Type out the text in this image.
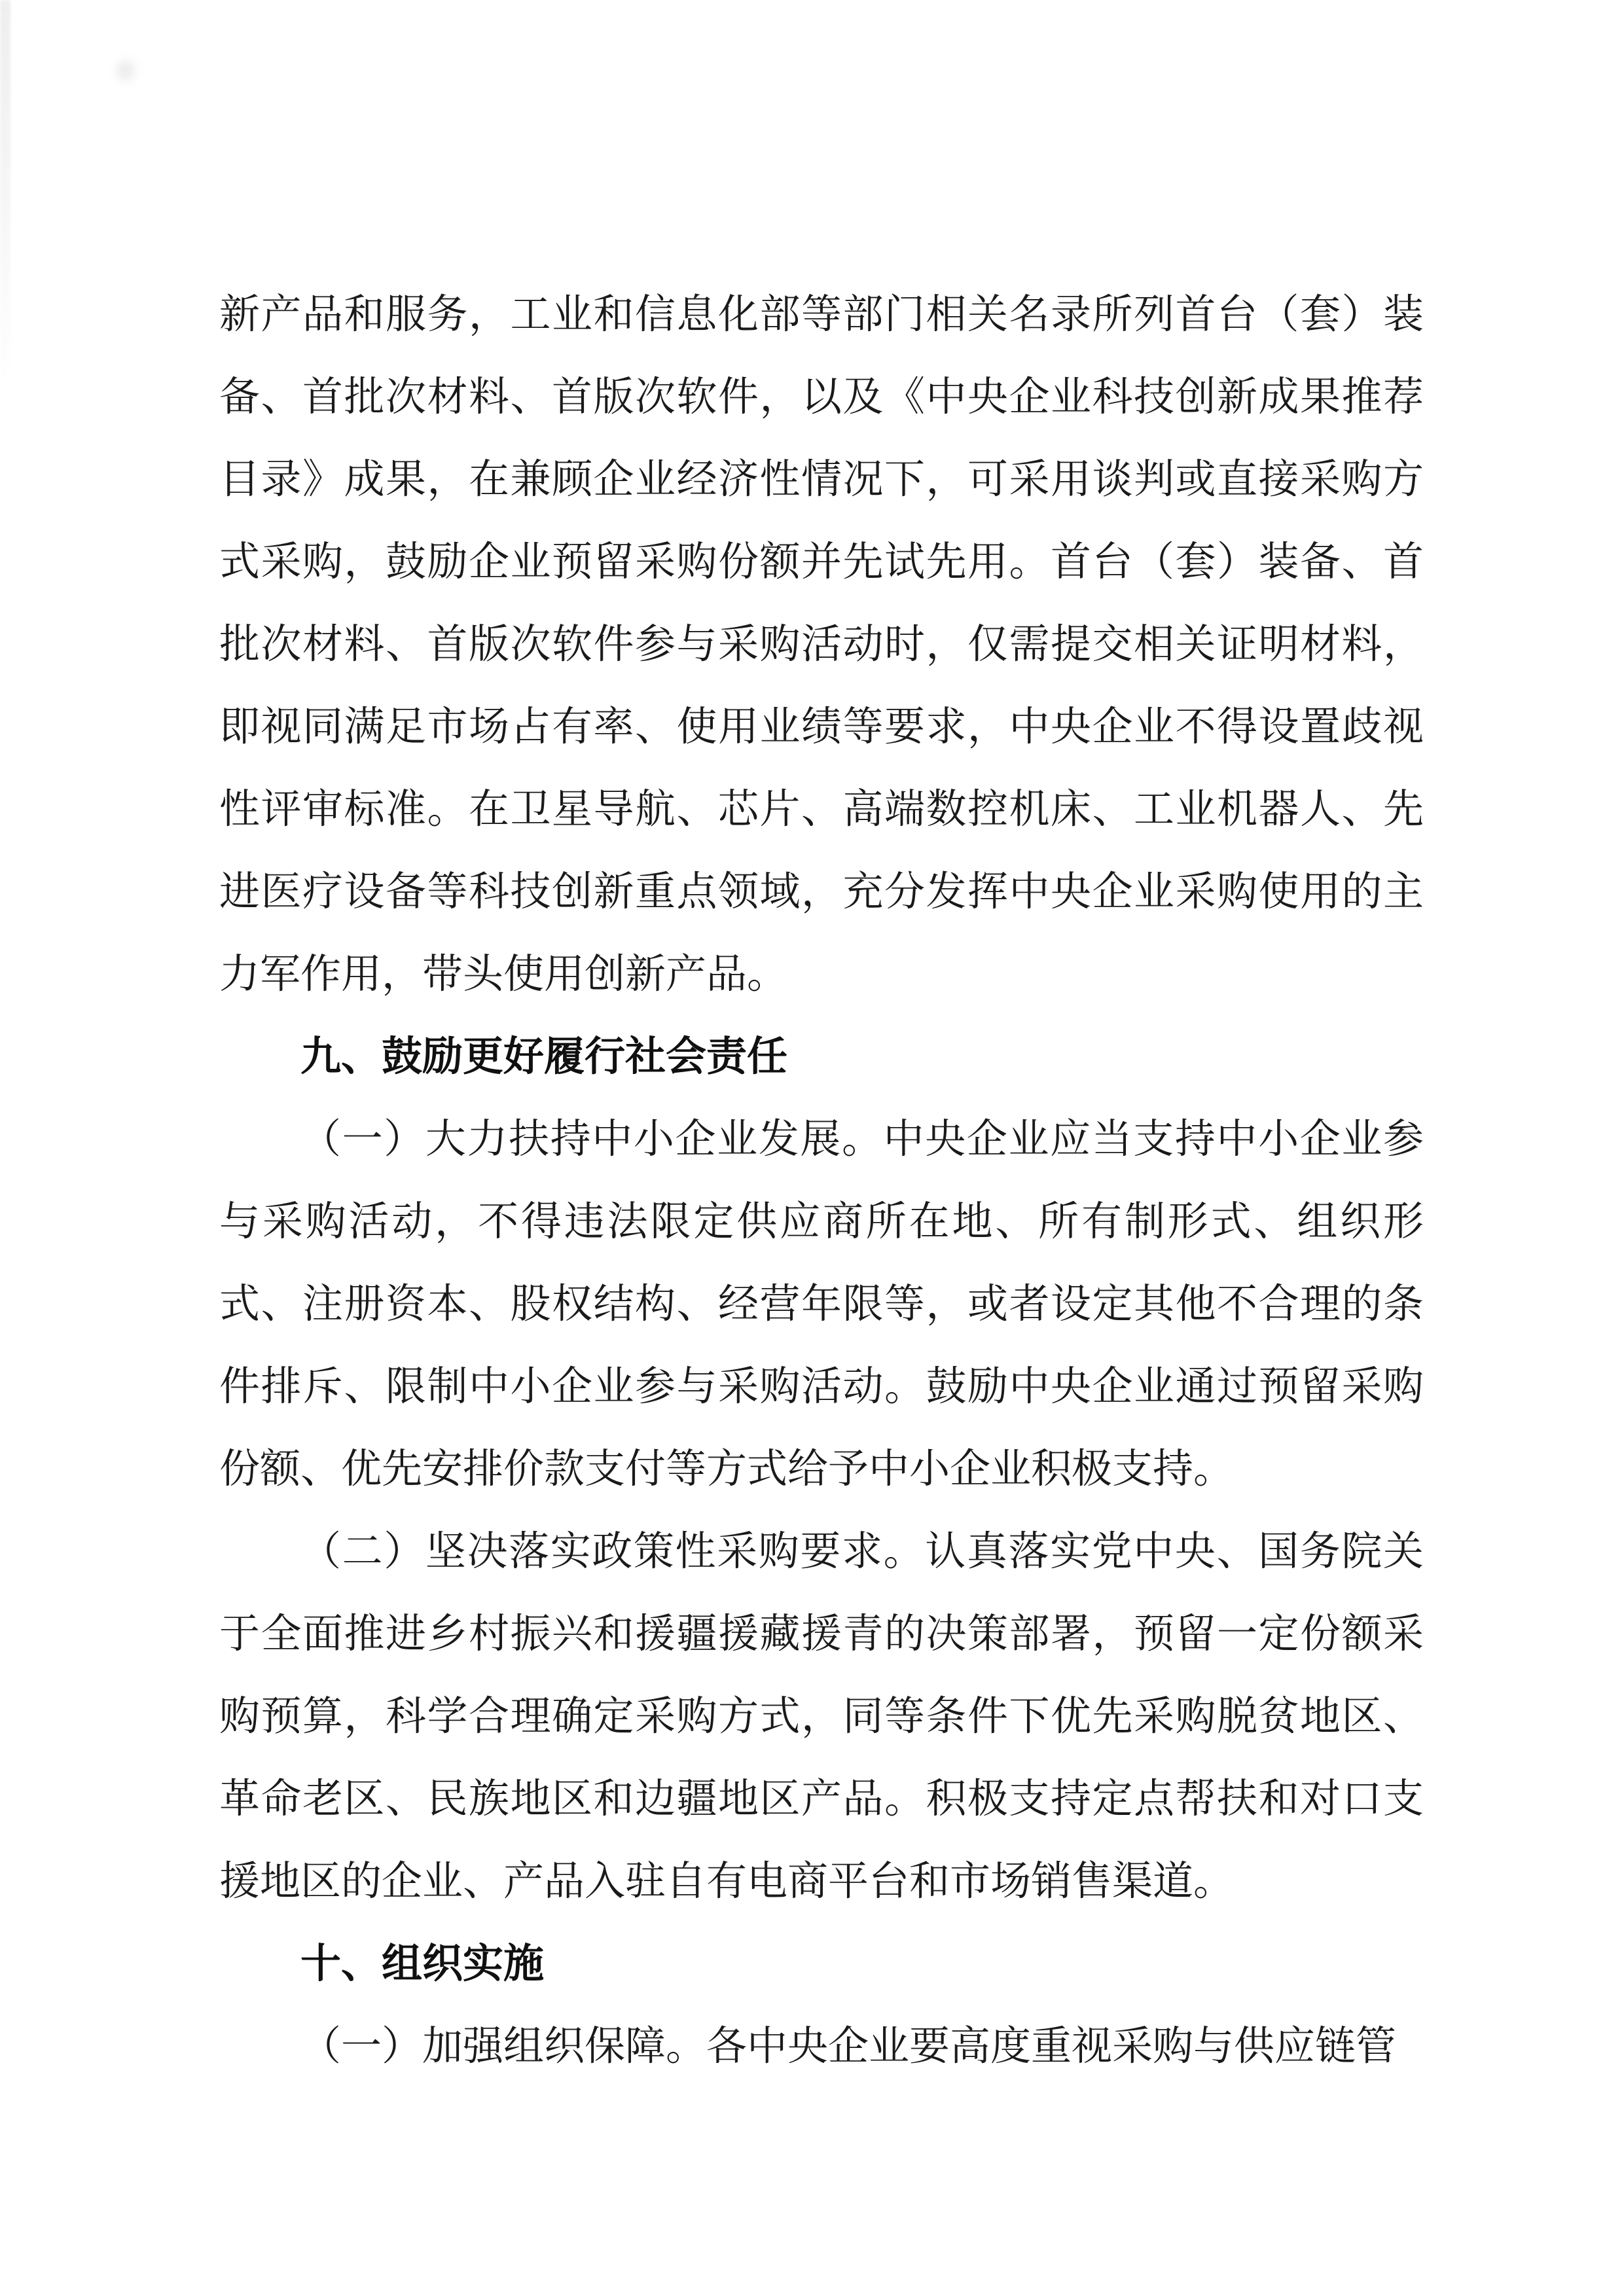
新产品和服务，工业和信息化部等部门相关名录所列首台（套）装备、首批次材料、首版次软件，以及《中央企业科技创新成果推荐目录》成果，在兼顾企业经济性情况下，可采用谈判或直接采购方式采购，鼓励企业预留采购份额并先试先用。首台（套）装备、首批次材料、首版次软件参与采购活动时，仅需提交相关证明材料，即视同满足市场占有率、使用业绩等要求，中央企业不得设置歧视性评审标准。在卫星导航、芯片、高端数控机床、工业机器人、先进医疗设备等科技创新重点领域，充分发挥中央企业采购使用的主力军作用，带头使用创新产品。

九、鼓励更好履行社会责任

（一）大力扶持中小企业发展。中央企业应当支持中小企业参与采购活动，不得违法限定供应商所在地、所有制形式、组织形式、注册资本、股权结构、经营年限等，或者设定其他不合理的条件排斥、限制中小企业参与采购活动。鼓励中央企业通过预留采购份额、优先安排价款支付等方式给予中小企业积极支持。

（二）坚决落实政策性采购要求。认真落实党中央、国务院关于全面推进乡村振兴和援疆援藏援青的决策部署，预留一定份额采购预算，科学合理确定采购方式，同等条件下优先采购脱贫地区、革命老区、民族地区和边疆地区产品。积极支持定点帮扶和对口支援地区的企业、产品入驻自有电商平台和市场销售渠道。

十、组织实施

（一）加强组织保障。各中央企业要高度重视采购与供应链管
